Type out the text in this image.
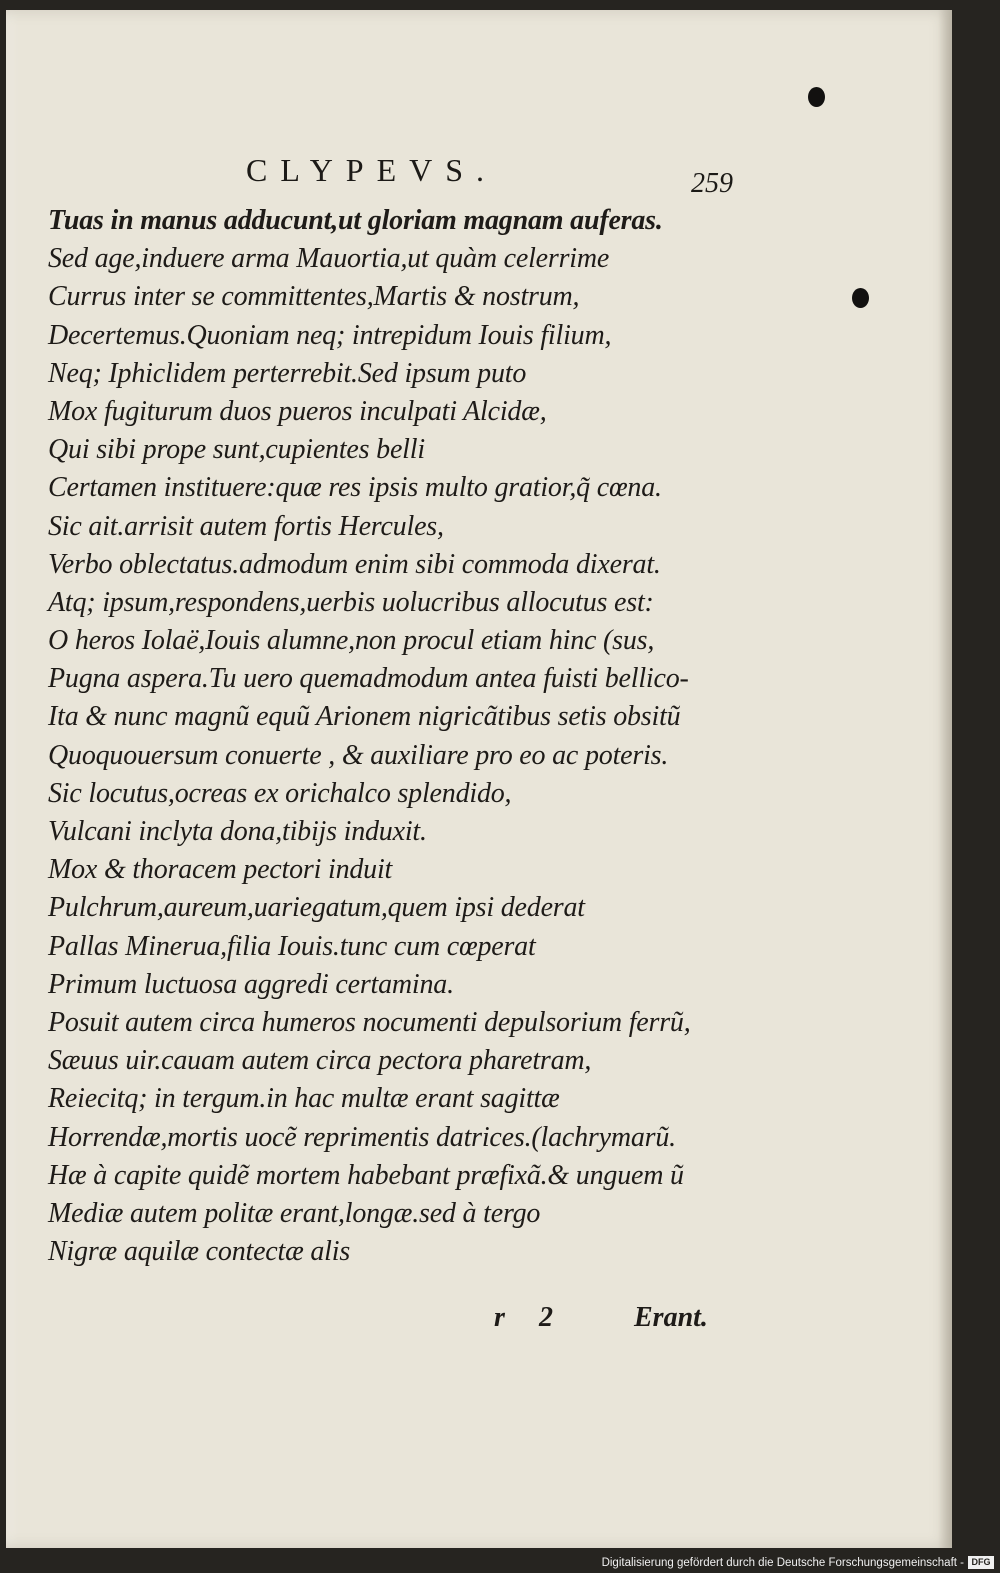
CLYPEVS.	259
Tuas in manus adducunt,ut gloriam magnam auferas.
Sed age,induere arma Mauortia,ut quàm celerrime
Currus inter se committentes,Martis & nostrum,
Decertemus.Quoniam neq; intrepidum Iouis filium,
Neq; Iphiclidem perterrebit.Sed ipsum puto
Mox fugiturum duos pueros inculpati Alcidæ,
Qui sibi prope sunt,cupientes belli
Certamen instituere:quæ res ipsis multo gratior,q̃ cœna.
Sic ait.arrisit autem fortis Hercules,
Verbo oblectatus.admodum enim sibi commoda dixerat.
Atq; ipsum,respondens,uerbis uolucribus allocutus est:
O heros Iolaë,Iouis alumne,non procul etiam hinc (sus,
Pugna aspera.Tu uero quemadmodum antea fuisti bellico-
Ita & nunc magnũ equũ Arionem nigricãtibus setis obsitũ
Quoquouersum conuerte , & auxiliare pro eo ac poteris.
Sic locutus,ocreas ex orichalco splendido,
Vulcani inclyta dona,tibijs induxit.
Mox & thoracem pectori induit
Pulchrum,aureum,uariegatum,quem ipsi dederat
Pallas Minerua,filia Iouis.tunc cum cœperat
Primum luctuosa aggredi certamina.
Posuit autem circa humeros nocumenti depulsorium ferrũ,
Sæuus uir.cauam autem circa pectora pharetram,
Reiecitq; in tergum.in hac multæ erant sagittæ
Horrendæ,mortis uocẽ reprimentis datrices.(lachrymarũ.
Hæ à capite quidẽ mortem habebant præfixã.& unguem ũ
Mediæ autem politæ erant,longæ.sed à tergo
Nigræ aquilæ contectæ alis
r 2	Erant.
Digitalisierung gefördert durch die Deutsche Forschungsgemeinschaft - DFG
